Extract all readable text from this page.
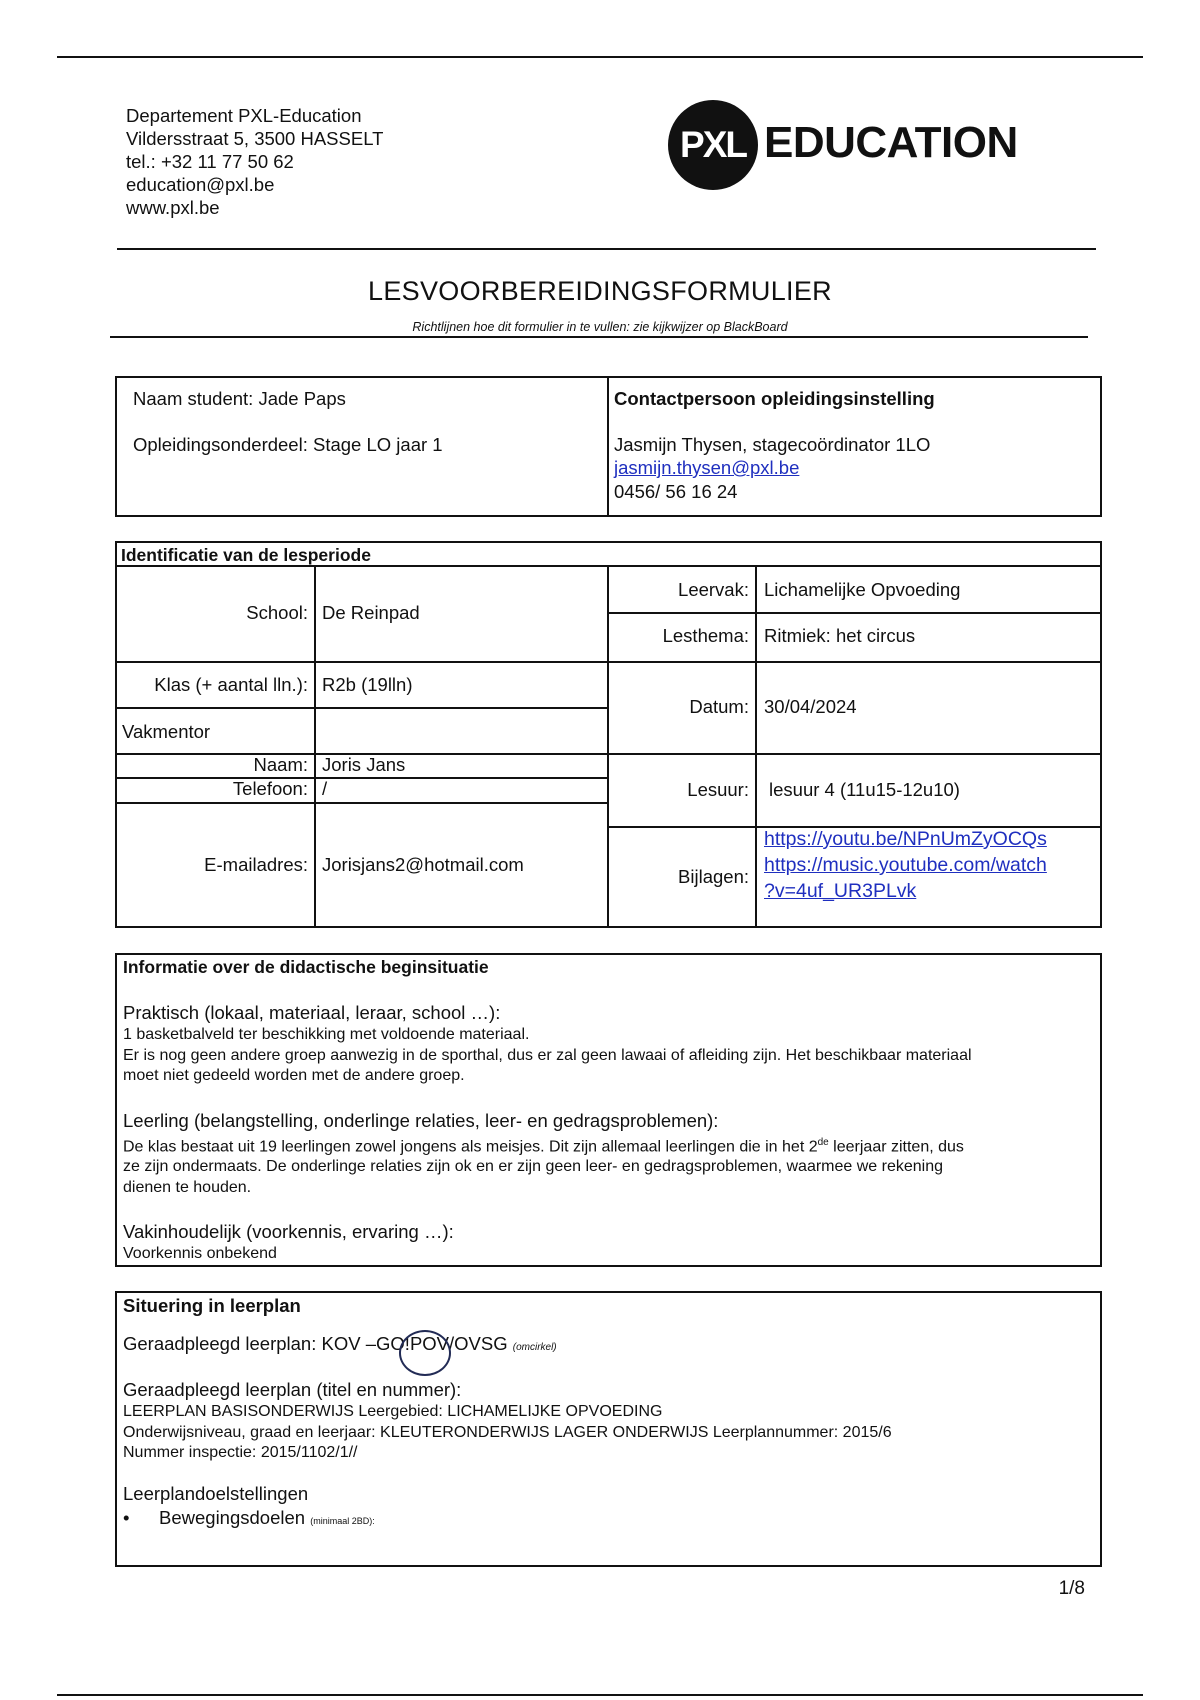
Departement PXL-Education
Vildersstraat 5, 3500 HASSELT
tel.: +32 11 77 50 62
education@pxl.be
www.pxl.be
PXL EDUCATION
LESVOORBEREIDINGSFORMULIER
Richtlijnen hoe dit formulier in te vullen: zie kijkwijzer op BlackBoard
Naam student: Jade Paps
Opleidingsonderdeel: Stage LO jaar 1
Contactpersoon opleidingsinstelling
Jasmijn Thysen, stagecoördinator 1LO
jasmijn.thysen@pxl.be
0456/ 56 16 24
Identificatie van de lesperiode
School: De Reinpad
Leervak: Lichamelijke Opvoeding
Lesthema: Ritmiek: het circus
Klas (+ aantal lln.): R2b (19lln)
Vakmentor
Datum: 30/04/2024
Naam: Joris Jans
Telefoon: /	Lesuur: lesuur 4 (11u15-12u10)
E-mailadres: Jorisjans2@hotmail.com
Bijlagen:
https://youtu.be/NPnUmZyOCQs
https://music.youtube.com/watch
?v=4uf_UR3PLvk
Informatie over de didactische beginsituatie
Praktisch (lokaal, materiaal, leraar, school …):
1 basketbalveld ter beschikking met voldoende materiaal.
Er is nog geen andere groep aanwezig in de sporthal, dus er zal geen lawaai of afleiding zijn. Het beschikbaar materiaal
moet niet gedeeld worden met de andere groep.
Leerling (belangstelling, onderlinge relaties, leer- en gedragsproblemen):
De klas bestaat uit 19 leerlingen zowel jongens als meisjes. Dit zijn allemaal leerlingen die in het 2de leerjaar zitten, dus
ze zijn ondermaats. De onderlinge relaties zijn ok en er zijn geen leer- en gedragsproblemen, waarmee we rekening
dienen te houden.
Vakinhoudelijk (voorkennis, ervaring …):
Voorkennis onbekend
Situering in leerplan
Geraadpleegd leerplan: KOV –GO!POV/OVSG (omcirkel)
Geraadpleegd leerplan (titel en nummer):
LEERPLAN BASISONDERWIJS Leergebied: LICHAMELIJKE OPVOEDING
Onderwijsniveau, graad en leerjaar: KLEUTERONDERWIJS LAGER ONDERWIJS Leerplannummer: 2015/6
Nummer inspectie: 2015/1102/1//
Leerplandoelstellingen
• Bewegingsdoelen (minimaal 2BD):
1/8
